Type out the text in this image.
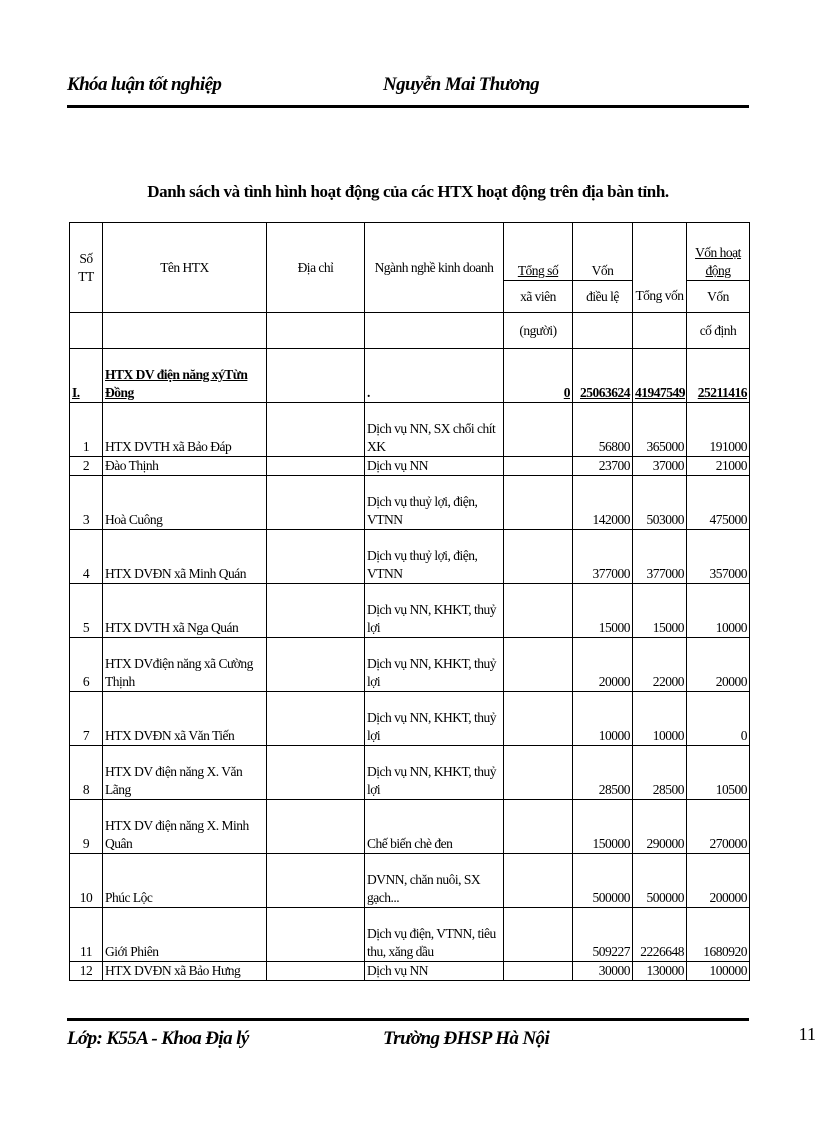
Khóa luận tốt nghiệp	Nguyễn Mai Thương
Danh sách và tình hình hoạt động của các HTX hoạt động trên địa bàn tỉnh.
Số TT	Tên HTX	Địa chỉ	Ngành nghề kinh doanh	Tổng số	Vốn		Vốn hoạt động
				xã viên	điều lệ	Tổng vốn	Vốn
				(người)			cố định
I.	HTX DV điện năng xýTừn Đồng		.	0	25063624	41947549	25211416
1	HTX DVTH xã Bảo Đáp		Dịch vụ NN, SX chổi chít XK		56800	365000	191000
2	Đào Thịnh		Dịch vụ NN		23700	37000	21000
3	Hoà Cuông		Dịch vụ thuỷ lợi, điện, VTNN		142000	503000	475000
4	HTX DVĐN xã Minh Quán		Dịch vụ thuỷ lợi, điện, VTNN		377000	377000	357000
5	HTX DVTH xã Nga Quán		Dịch vụ NN, KHKT, thuỷ lợi		15000	15000	10000
6	HTX DVđiện năng xã Cường Thịnh		Dịch vụ NN, KHKT, thuỷ lợi		20000	22000	20000
7	HTX DVĐN xã Văn Tiến		Dịch vụ NN, KHKT, thuỷ lợi		10000	10000	0
8	HTX DV điện năng X. Văn Lãng		Dịch vụ NN, KHKT, thuỷ lợi		28500	28500	10500
9	HTX DV điện năng X. Minh Quân		Chế biến chè đen		150000	290000	270000
10	Phúc Lộc		DVNN, chăn nuôi, SX gạch...		500000	500000	200000
11	Giới Phiên		Dịch vụ điện, VTNN, tiêu thu, xăng dầu		509227	2226648	1680920
12	HTX DVĐN xã Bảo Hưng		Dịch vụ NN		30000	130000	100000
Lớp: K55A - Khoa Địa lý	Trường ĐHSP Hà Nội	11
